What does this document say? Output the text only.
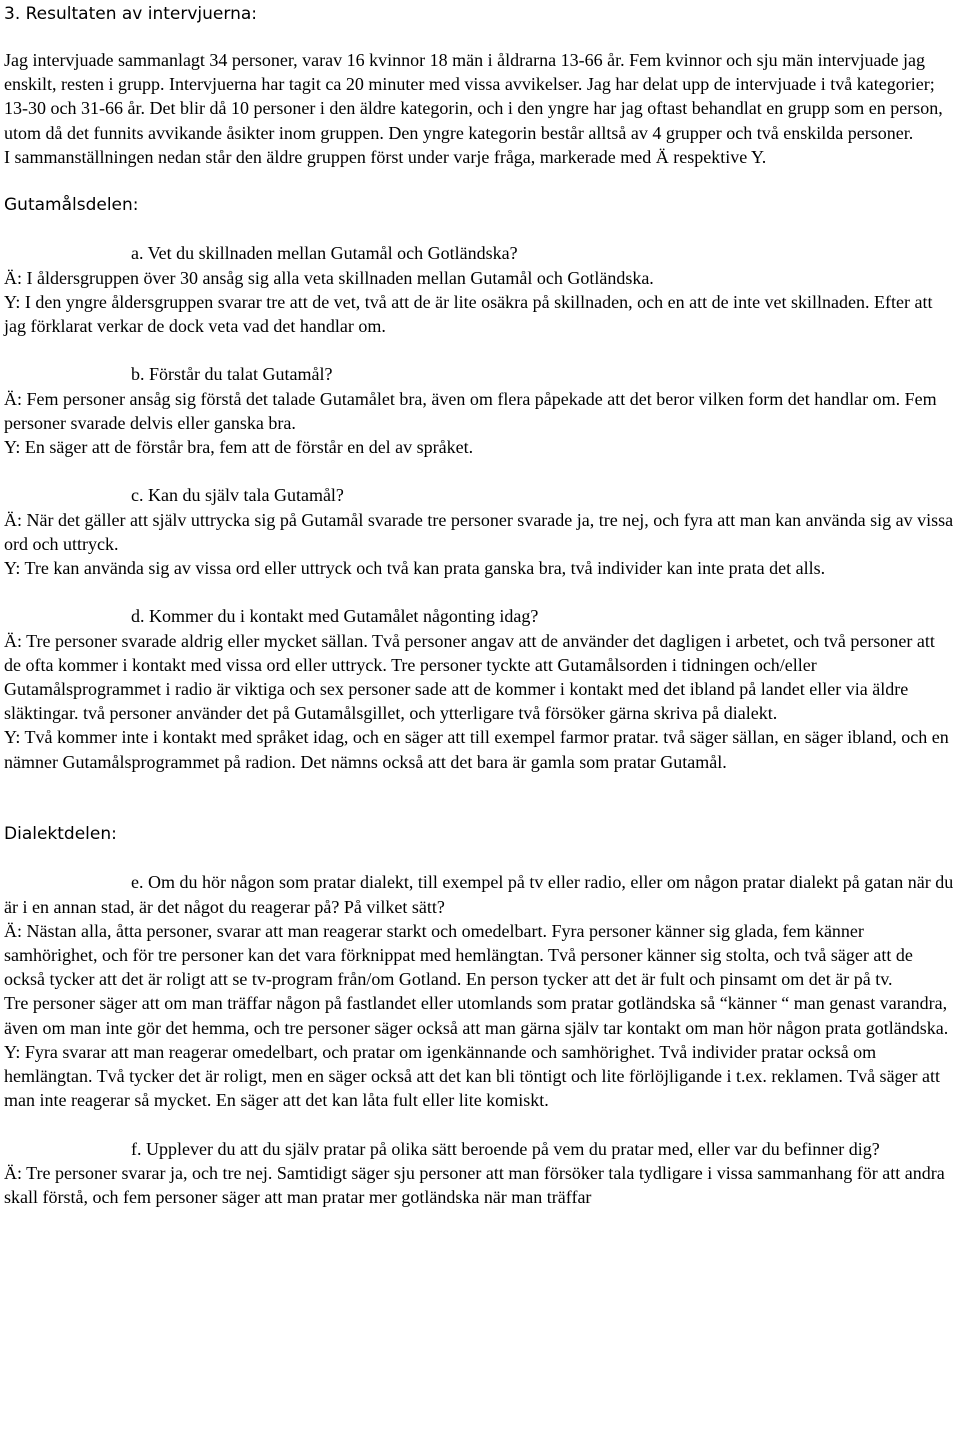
3. Resultaten av intervjuerna:

Jag intervjuade sammanlagt 34 personer, varav 16 kvinnor 18 män i åldrarna 13-66 år. Fem kvinnor och sju män intervjuade jag enskilt, resten i grupp. Intervjuerna har tagit ca 20 minuter med vissa avvikelser. Jag har delat upp de intervjuade i två kategorier; 13-30 och 31-66 år. Det blir då 10 personer i den äldre kategorin, och i den yngre har jag oftast behandlat en grupp som en person, utom då det funnits avvikande åsikter inom gruppen. Den yngre kategorin består alltså av 4 grupper och två enskilda personer.

I sammanställningen nedan står den äldre gruppen först under varje fråga, markerade med Ä respektive Y.

Gutamålsdelen:

a. Vet du skillnaden mellan Gutamål och Gotländska?

Ä: I åldersgruppen över 30 ansåg sig alla veta skillnaden mellan Gutamål och Gotländska.

Y: I den yngre åldersgruppen svarar tre att de vet, två att de är lite osäkra på skillnaden, och en att de inte vet skillnaden. Efter att jag förklarat verkar de dock veta vad det handlar om.

b. Förstår du talat Gutamål?

Ä: Fem personer ansåg sig förstå det talade Gutamålet bra, även om flera påpekade att det beror vilken form det handlar om. Fem personer svarade delvis eller ganska bra.

Y: En säger att de förstår bra, fem att de förstår en del av språket.

c. Kan du själv tala Gutamål?

Ä: När det gäller att själv uttrycka sig på Gutamål svarade tre personer svarade ja, tre nej, och fyra att man kan använda sig av vissa ord och uttryck.

Y: Tre kan använda sig av vissa ord eller uttryck och två kan prata ganska bra, två individer kan inte prata det alls.

d. Kommer du i kontakt med Gutamålet någonting idag?

Ä: Tre personer svarade aldrig eller mycket sällan. Två personer angav att de använder det dagligen i arbetet, och två personer att de ofta kommer i kontakt med vissa ord eller uttryck. Tre personer tyckte att Gutamålsorden i tidningen och/eller Gutamålsprogrammet i radio är viktiga och sex personer sade att de kommer i kontakt med det ibland på landet eller via äldre släktingar. två personer använder det på Gutamålsgillet, och ytterligare två försöker gärna skriva på dialekt.

Y: Två kommer inte i kontakt med språket idag, och en säger att till exempel farmor pratar. två säger sällan, en säger ibland, och en nämner Gutamålsprogrammet på radion. Det nämns också att det bara är gamla som pratar Gutamål.

Dialektdelen:

e. Om du hör någon som pratar dialekt, till exempel på tv eller radio, eller om någon pratar dialekt på gatan när du är i en annan stad, är det något du reagerar på? På vilket sätt?

Ä: Nästan alla, åtta personer, svarar att man reagerar starkt och omedelbart. Fyra personer känner sig glada, fem känner samhörighet, och för tre personer kan det vara förknippat med hemlängtan. Två personer känner sig stolta, och två säger att de också tycker att det är roligt att se tv-program från/om Gotland. En person tycker att det är fult och pinsamt om det är på tv.

Tre personer säger att om man träffar någon på fastlandet eller utomlands som pratar gotländska så “känner “ man genast varandra, även om man inte gör det hemma, och tre personer säger också att man gärna själv tar kontakt om man hör någon prata gotländska.

Y: Fyra svarar att man reagerar omedelbart, och pratar om igenkännande och samhörighet. Två individer pratar också om hemlängtan. Två tycker det är roligt, men en säger också att det kan bli töntigt och lite förlöjligande i t.ex. reklamen. Två säger att man inte reagerar så mycket. En säger att det kan låta fult eller lite komiskt.

f. Upplever du att du själv pratar på olika sätt beroende på vem du pratar med, eller var du befinner dig?

Ä: Tre personer svarar ja, och tre nej. Samtidigt säger sju personer att man försöker tala tydligare i vissa sammanhang för att andra skall förstå, och fem personer säger att man pratar mer gotländska när man träffar
